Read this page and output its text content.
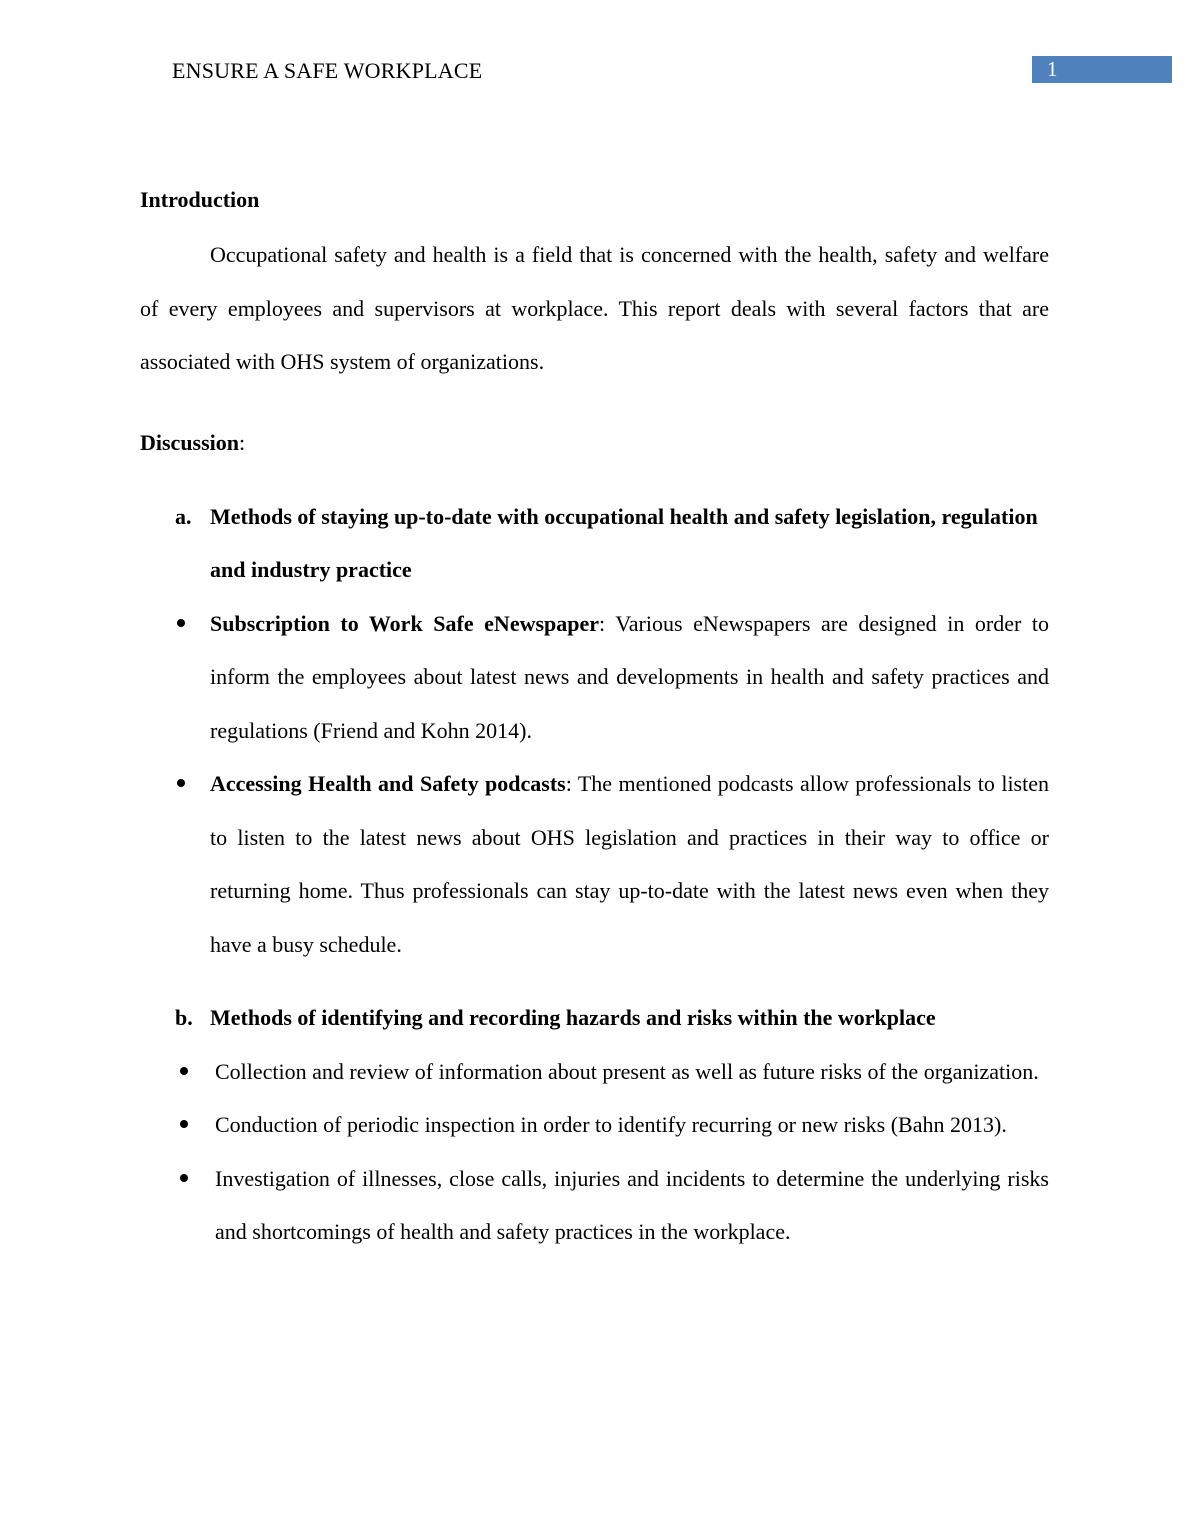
ENSURE A SAFE WORKPLACE	1
Introduction

Occupational safety and health is a field that is concerned with the health, safety and welfare of every employees and supervisors at workplace. This report deals with several factors that are associated with OHS system of organizations.

Discussion:
a. Methods of staying up-to-date with occupational health and safety legislation, regulation and industry practice
Subscription to Work Safe eNewspaper: Various eNewspapers are designed in order to inform the employees about latest news and developments in health and safety practices and regulations (Friend and Kohn 2014).
Accessing Health and Safety podcasts: The mentioned podcasts allow professionals to listen to listen to the latest news about OHS legislation and practices in their way to office or returning home. Thus professionals can stay up-to-date with the latest news even when they have a busy schedule.
b. Methods of identifying and recording hazards and risks within the workplace
Collection and review of information about present as well as future risks of the organization.
Conduction of periodic inspection in order to identify recurring or new risks (Bahn 2013).
Investigation of illnesses, close calls, injuries and incidents to determine the underlying risks and shortcomings of health and safety practices in the workplace.
